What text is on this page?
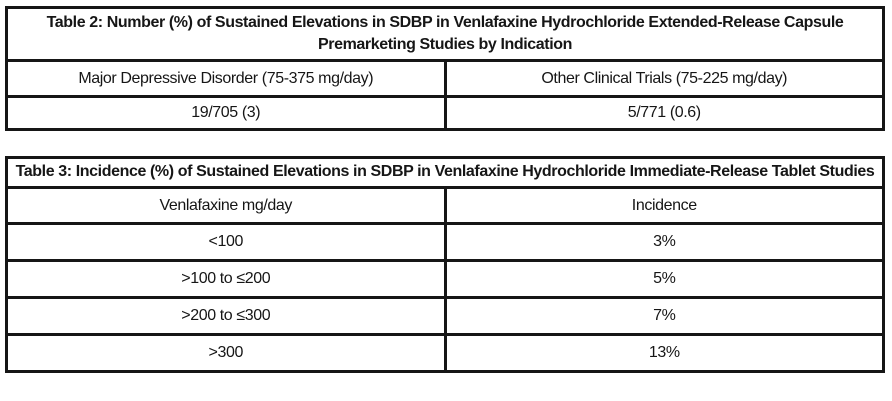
Table 2: Number (%) of Sustained Elevations in SDBP in Venlafaxine Hydrochloride Extended-Release Capsule Premarketing Studies by Indication	
Major Depressive Disorder (75-375 mg/day)	Other Clinical Trials (75-225 mg/day)
19/705 (3)	5/771 (0.6)
Table 3: Incidence (%) of Sustained Elevations in SDBP in Venlafaxine Hydrochloride Immediate-Release Tablet Studies	
Venlafaxine mg/day	Incidence
<100	3%
>100 to ≤200	5%
>200 to ≤300	7%
>300	13%
